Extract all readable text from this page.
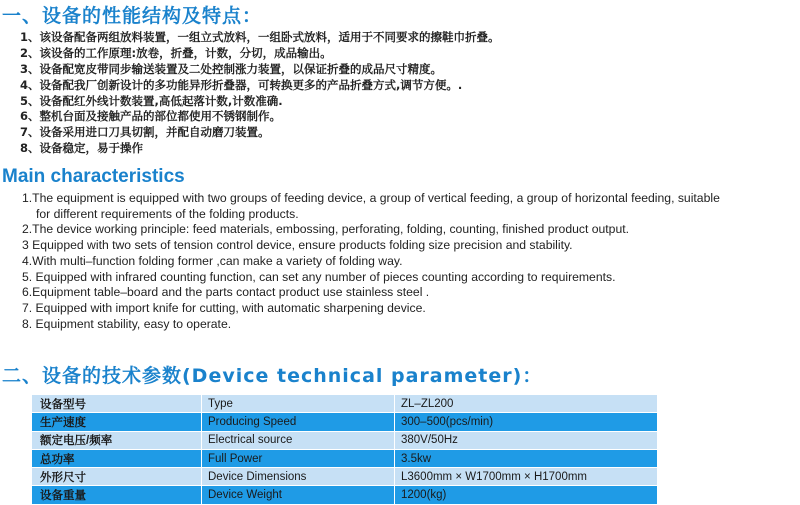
一、设备的性能结构及特点：
1、该设备配备两组放料装置，一组立式放料，一组卧式放料，适用于不同要求的擦鞋巾折叠。
2、该设备的工作原理:放卷，折叠，计数，分切，成品输出。
3、设备配宽皮带同步输送装置及二处控制涨力装置，以保证折叠的成品尺寸精度。
4、设备配我厂创新设计的多功能异形折叠器，可转换更多的产品折叠方式,调节方便。.
5、设备配红外线计数装置,高低起落计数,计数准确.
6、整机台面及接触产品的部位都使用不锈钢制作。
7、设备采用进口刀具切割，并配自动磨刀装置。
8、设备稳定，易于操作
Main characteristics
1.The equipment is equipped with two groups of feeding device, a group of vertical feeding, a group of horizontal feeding, suitable
for different requirements of the folding products.
2.The device working principle: feed materials, embossing, perforating, folding, counting, finished product output.
3 Equipped with two sets of tension control device, ensure products folding size precision and stability.
4.With multi–function folding former ,can make a variety of folding way.
5. Equipped with infrared counting function, can set any number of pieces counting according to requirements.
6.Equipment table–board and the parts contact product use stainless steel .
7. Equipped with import knife for cutting, with automatic sharpening device.
8. Equipment stability, easy to operate.
二、设备的技术参数(Device technical parameter)：
设备型号	Type	ZL–ZL200
生产速度	Producing Speed	300–500(pcs/min)
额定电压/频率	Electrical source	380V/50Hz
总功率	Full Power	3.5kw
外形尺寸	Device Dimensions	L3600mm × W1700mm × H1700mm
设备重量	Device Weight	1200(kg)
